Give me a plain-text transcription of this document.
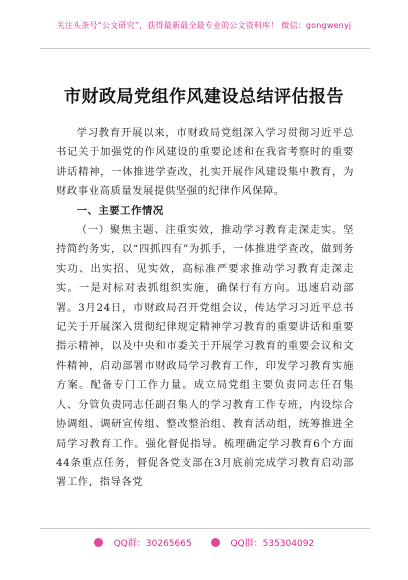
关注头条号“公文研究”，获得最新最全最专业的公文资料库！ 微信：gongwenyj
市财政局党组作风建设总结评估报告

学习教育开展以来，市财政局党组深入学习贯彻习近平总书记关于加强党的作风建设的重要论述和在我省考察时的重要讲话精神，一体推进学查改，扎实开展作风建设集中教育，为财政事业高质量发展提供坚强的纪律作风保障。

一、主要工作情况

（一）聚焦主题、注重实效，推动学习教育走深走实。坚持简约务实，以“四抓四有”为抓手，一体推进学查改，做到务实功、出实招、见实效，高标准严要求推动学习教育走深走实。一是对标对表抓组织实施，确保行有方向。迅速启动部署。3月24日，市财政局召开党组会议，传达学习习近平总书记关于开展深入贯彻纪律规定精神学习教育的重要讲话和重要指示精神，以及中央和市委关于开展学习教育的重要会议和文件精神，启动部署市财政局学习教育工作，印发学习教育实施方案。配备专门工作力量。成立局党组主要负责同志任召集人、分管负责同志任副召集人的学习教育工作专班，内设综合协调组、调研宣传组、整改整治组、教育活动组，统筹推进全局学习教育工作。强化督促指导。梳理确定学习教育6个方面44条重点任务，督促各党支部在3月底前完成学习教育启动部署工作，指导各党

QQ群：30265665	QQ群：535304092
